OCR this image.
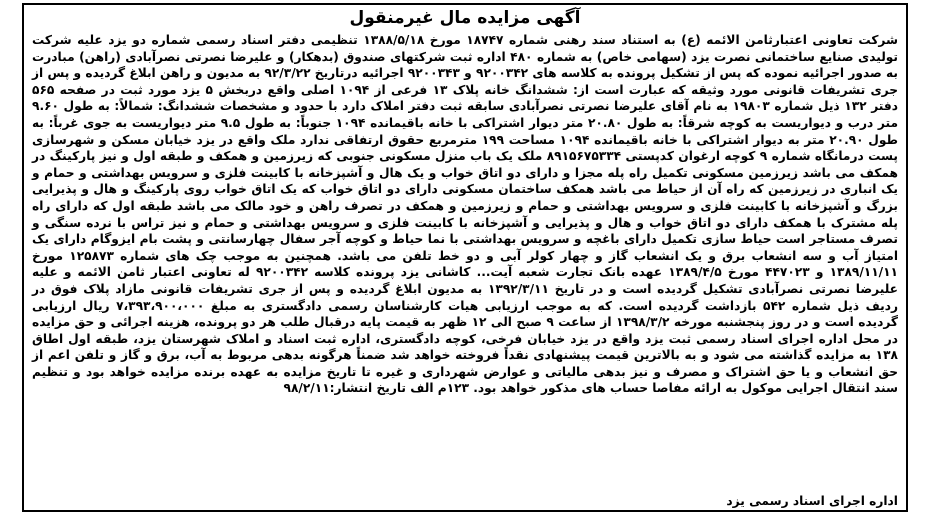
آگهی مزایده مال غیرمنقول
شرکت تعاونی اعتبارثامن الائمه (ع) به استناد سند رهنی شماره ۱۸۷۴۷ مورخ ۱۳۸۸/۵/۱۸ تنظیمی دفتر اسناد رسمی شماره دو یزد علیه شرکت تولیدی صنایع ساختمانی نصرت یزد (سهامی خاص) به شماره ۴۸۰ اداره ثبت شرکتهای صندوق (بدهکار) و علیرضا نصرتی نصرآبادی (راهن) مبادرت به صدور اجرائیه نموده که پس از تشکیل پرونده به کلاسه های ۹۲۰۰۳۴۲ و ۹۲۰۰۳۴۳ اجرائیه درتاریخ ۹۲/۳/۲۲ به مدیون و راهن ابلاغ گردیده و پس از جری تشریفات قانونی مورد وثیقه که عبارت است از: ششدانگ خانه پلاک ۱۳ فرعی از ۱۰۹۴ اصلی واقع دربخش ۵ یزد مورد ثبت در صفحه ۵۶۵ دفتر ۱۳۲ ذیل شماره ۱۹۸۰۳ به نام آقای علیرضا نصرتی نصرآبادی سابقه ثبت دفتر املاک دارد با حدود و مشخصات ششدانگ: شمالاً: به طول ۹.۶۰ متر درب و دیواریست به کوچه شرقاً: به طول ۲۰.۸۰ متر دیوار اشتراکی با خانه باقیمانده ۱۰۹۴ جنوباً: به طول ۹.۵ متر دیواریست به جوی غرباً: به طول ۲۰.۹۰ متر به دیوار اشتراکی با خانه باقیمانده ۱۰۹۴ مساحت ۱۹۹ مترمربع حقوق ارتفاقی ندارد ملک واقع در یزد خیابان مسکن و شهرسازی پست درمانگاه شماره ۹ کوچه ارغوان کدپستی ۸۹۱۵۶۷۵۳۳۴ ملک یک باب منزل مسکونی جنوبی که زیرزمین و همکف و طبقه اول و نیز پارکینگ در همکف می باشد زیرزمین مسکونی تکمیل راه پله مجزا و دارای دو اتاق خواب و یک هال و آشپزخانه با کابینت فلزی و سرویس بهداشتی و حمام و یک انباری در زیرزمین که راه آن از حیاط می باشد همکف ساختمان مسکونی دارای دو اتاق خواب که یک اتاق خواب روی پارکینگ و هال و پذیرایی بزرگ و آشپزخانه با کابینت فلزی و سرویس بهداشتی و حمام و زیرزمین و همکف در تصرف راهن و خود مالک می باشد طبقه اول که دارای راه پله مشترک با همکف دارای دو اتاق خواب و هال و پذیرایی و آشپزخانه با کابینت فلزی و سرویس بهداشتی و حمام و نیز تراس با نرده سنگی و تصرف مستاجر است حیاط سازی تکمیل دارای باغچه و سرویس بهداشتی با نما حیاط و کوچه آجر سفال چهارسانتی و پشت بام ایزوگام دارای یک امتیاز آب و سه انشعاب برق و یک انشعاب گاز و چهار کولر آبی و دو خط تلفن می باشد. همچنین به موجب چک های شماره ۱۲۵۸۷۳ مورخ ۱۳۸۹/۱۱/۱۱ و ۴۴۷۰۲۳ مورخ ۱۳۸۹/۴/۵ عهده بانک تجارت شعبه آیت... کاشانی یزد پرونده کلاسه ۹۲۰۰۳۴۲ له تعاونی اعتبار ثامن الائمه و علیه علیرضا نصرتی نصرآبادی تشکیل گردیده است و در تاریخ ۱۳۹۲/۳/۱۱ به مدیون ابلاغ گردیده و پس از جری تشریفات قانونی مازاد پلاک فوق در ردیف ذیل شماره ۵۴۲ بازداشت گردیده است. که به موجب ارزیابی هیات کارشناسان رسمی دادگستری به مبلغ ۷،۳۹۳،۹۰۰،۰۰۰ ریال ارزیابی گردیده است و در روز پنجشنبه مورخه ۱۳۹۸/۳/۲ از ساعت ۹ صبح الی ۱۲ ظهر به قیمت پایه درقبال طلب هر دو پرونده، هزینه اجرائی و حق مزایده در محل اداره اجرای اسناد رسمی ثبت یزد واقع در یزد خیابان فرخی، کوچه دادگستری، اداره ثبت اسناد و املاک شهرستان یزد، طبقه اول اطاق ۱۳۸ به مزایده گذاشته می شود و به بالاترین قیمت پیشنهادی نقداً فروخته خواهد شد ضمناً هرگونه بدهی مربوط به آب، برق و گاز و تلفن اعم از حق انشعاب و یا حق اشتراک و مصرف و نیز بدهی مالیاتی و عوارض شهرداری و غیره تا تاریخ مزایده به عهده برنده مزایده خواهد بود و تنظیم سند انتقال اجرایی موکول به ارائه مفاصا حساب های مذکور خواهد بود. ۱۲۳م الف تاریخ انتشار:۹۸/۲/۱۱
اداره اجرای اسناد رسمی یزد
